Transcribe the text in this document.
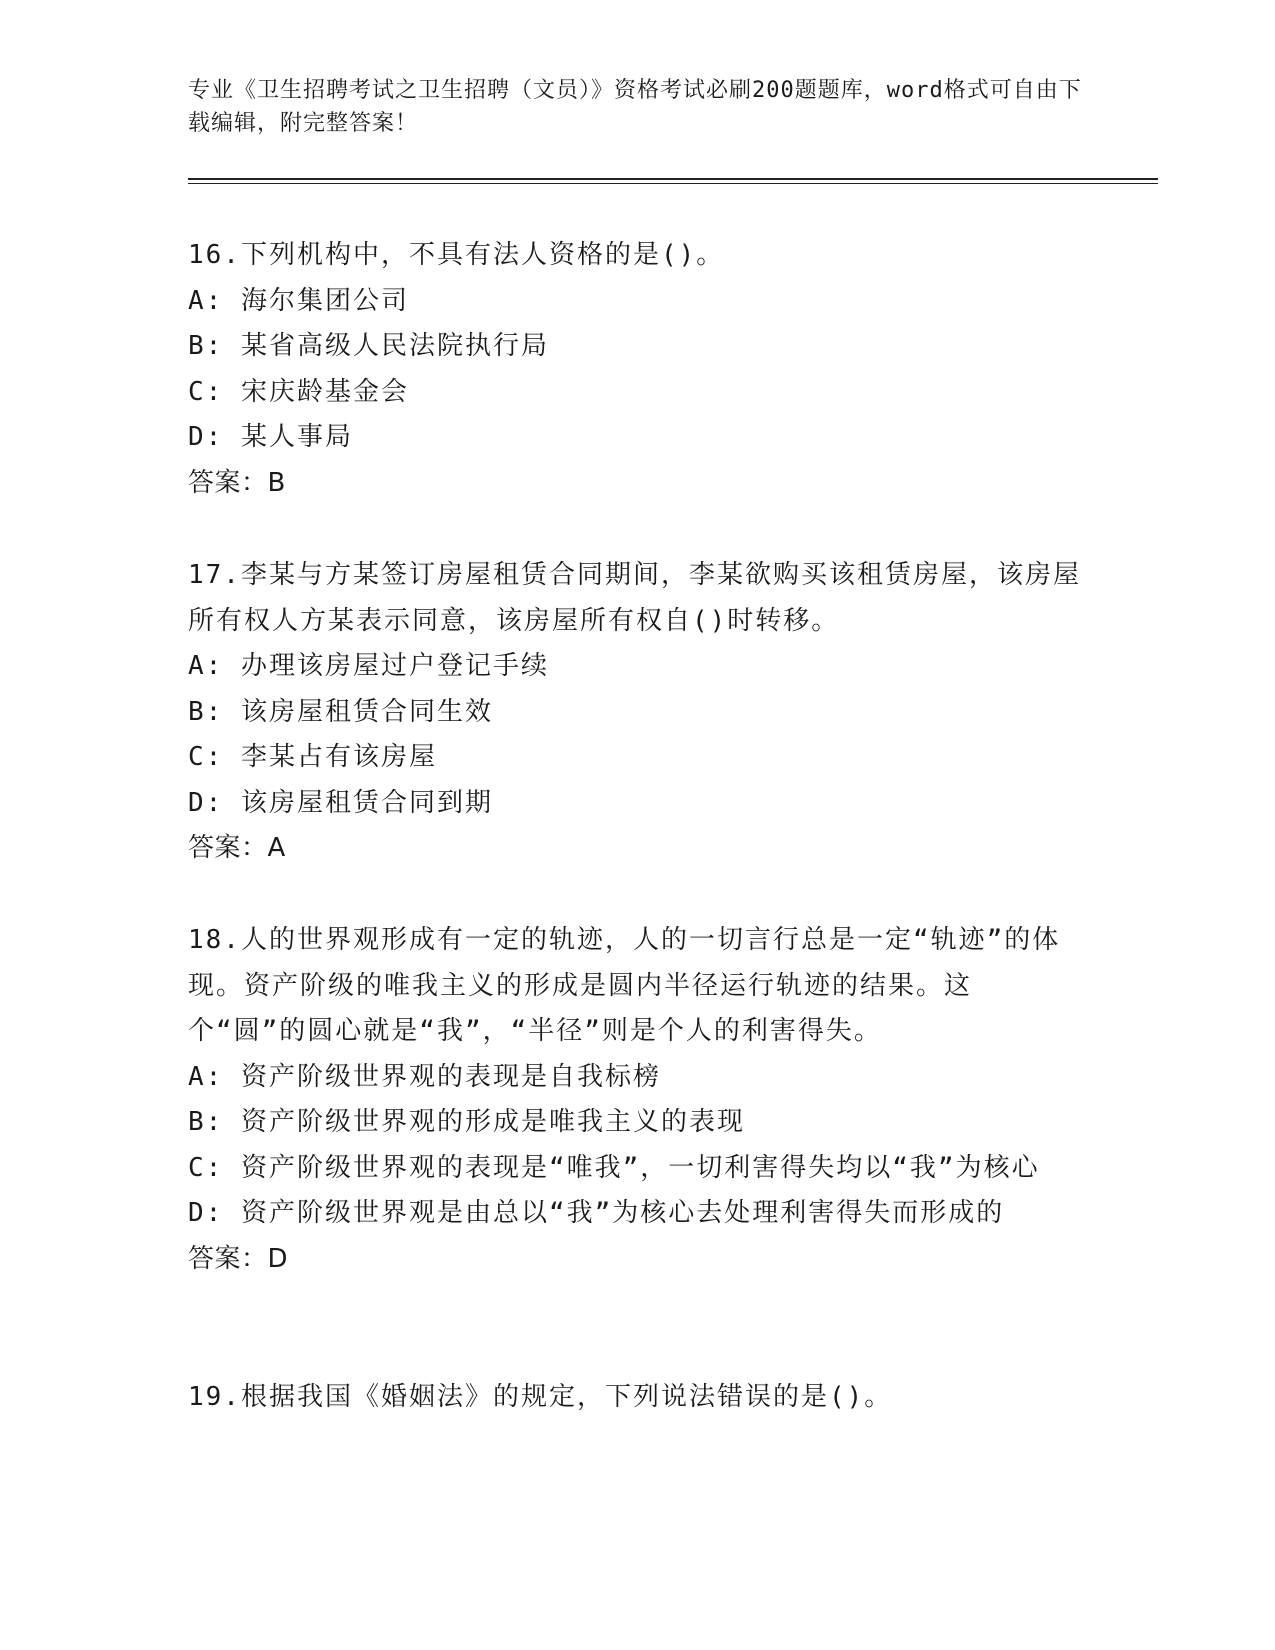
专业《卫生招聘考试之卫生招聘（文员）》资格考试必刷200题题库，word格式可自由下载编辑，附完整答案！
16.下列机构中，不具有法人资格的是()。
A: 海尔集团公司
B: 某省高级人民法院执行局
C: 宋庆龄基金会
D: 某人事局
答案：B
17.李某与方某签订房屋租赁合同期间，李某欲购买该租赁房屋，该房屋所有权人方某表示同意，该房屋所有权自()时转移。
A: 办理该房屋过户登记手续
B: 该房屋租赁合同生效
C: 李某占有该房屋
D: 该房屋租赁合同到期
答案：A
18.人的世界观形成有一定的轨迹，人的一切言行总是一定“轨迹”的体现。资产阶级的唯我主义的形成是圆内半径运行轨迹的结果。这个“圆”的圆心就是“我”，“半径”则是个人的利害得失。
A: 资产阶级世界观的表现是自我标榜
B: 资产阶级世界观的形成是唯我主义的表现
C: 资产阶级世界观的表现是“唯我”，一切利害得失均以“我”为核心
D: 资产阶级世界观是由总以“我”为核心去处理利害得失而形成的
答案：D
19.根据我国《婚姻法》的规定，下列说法错误的是()。
